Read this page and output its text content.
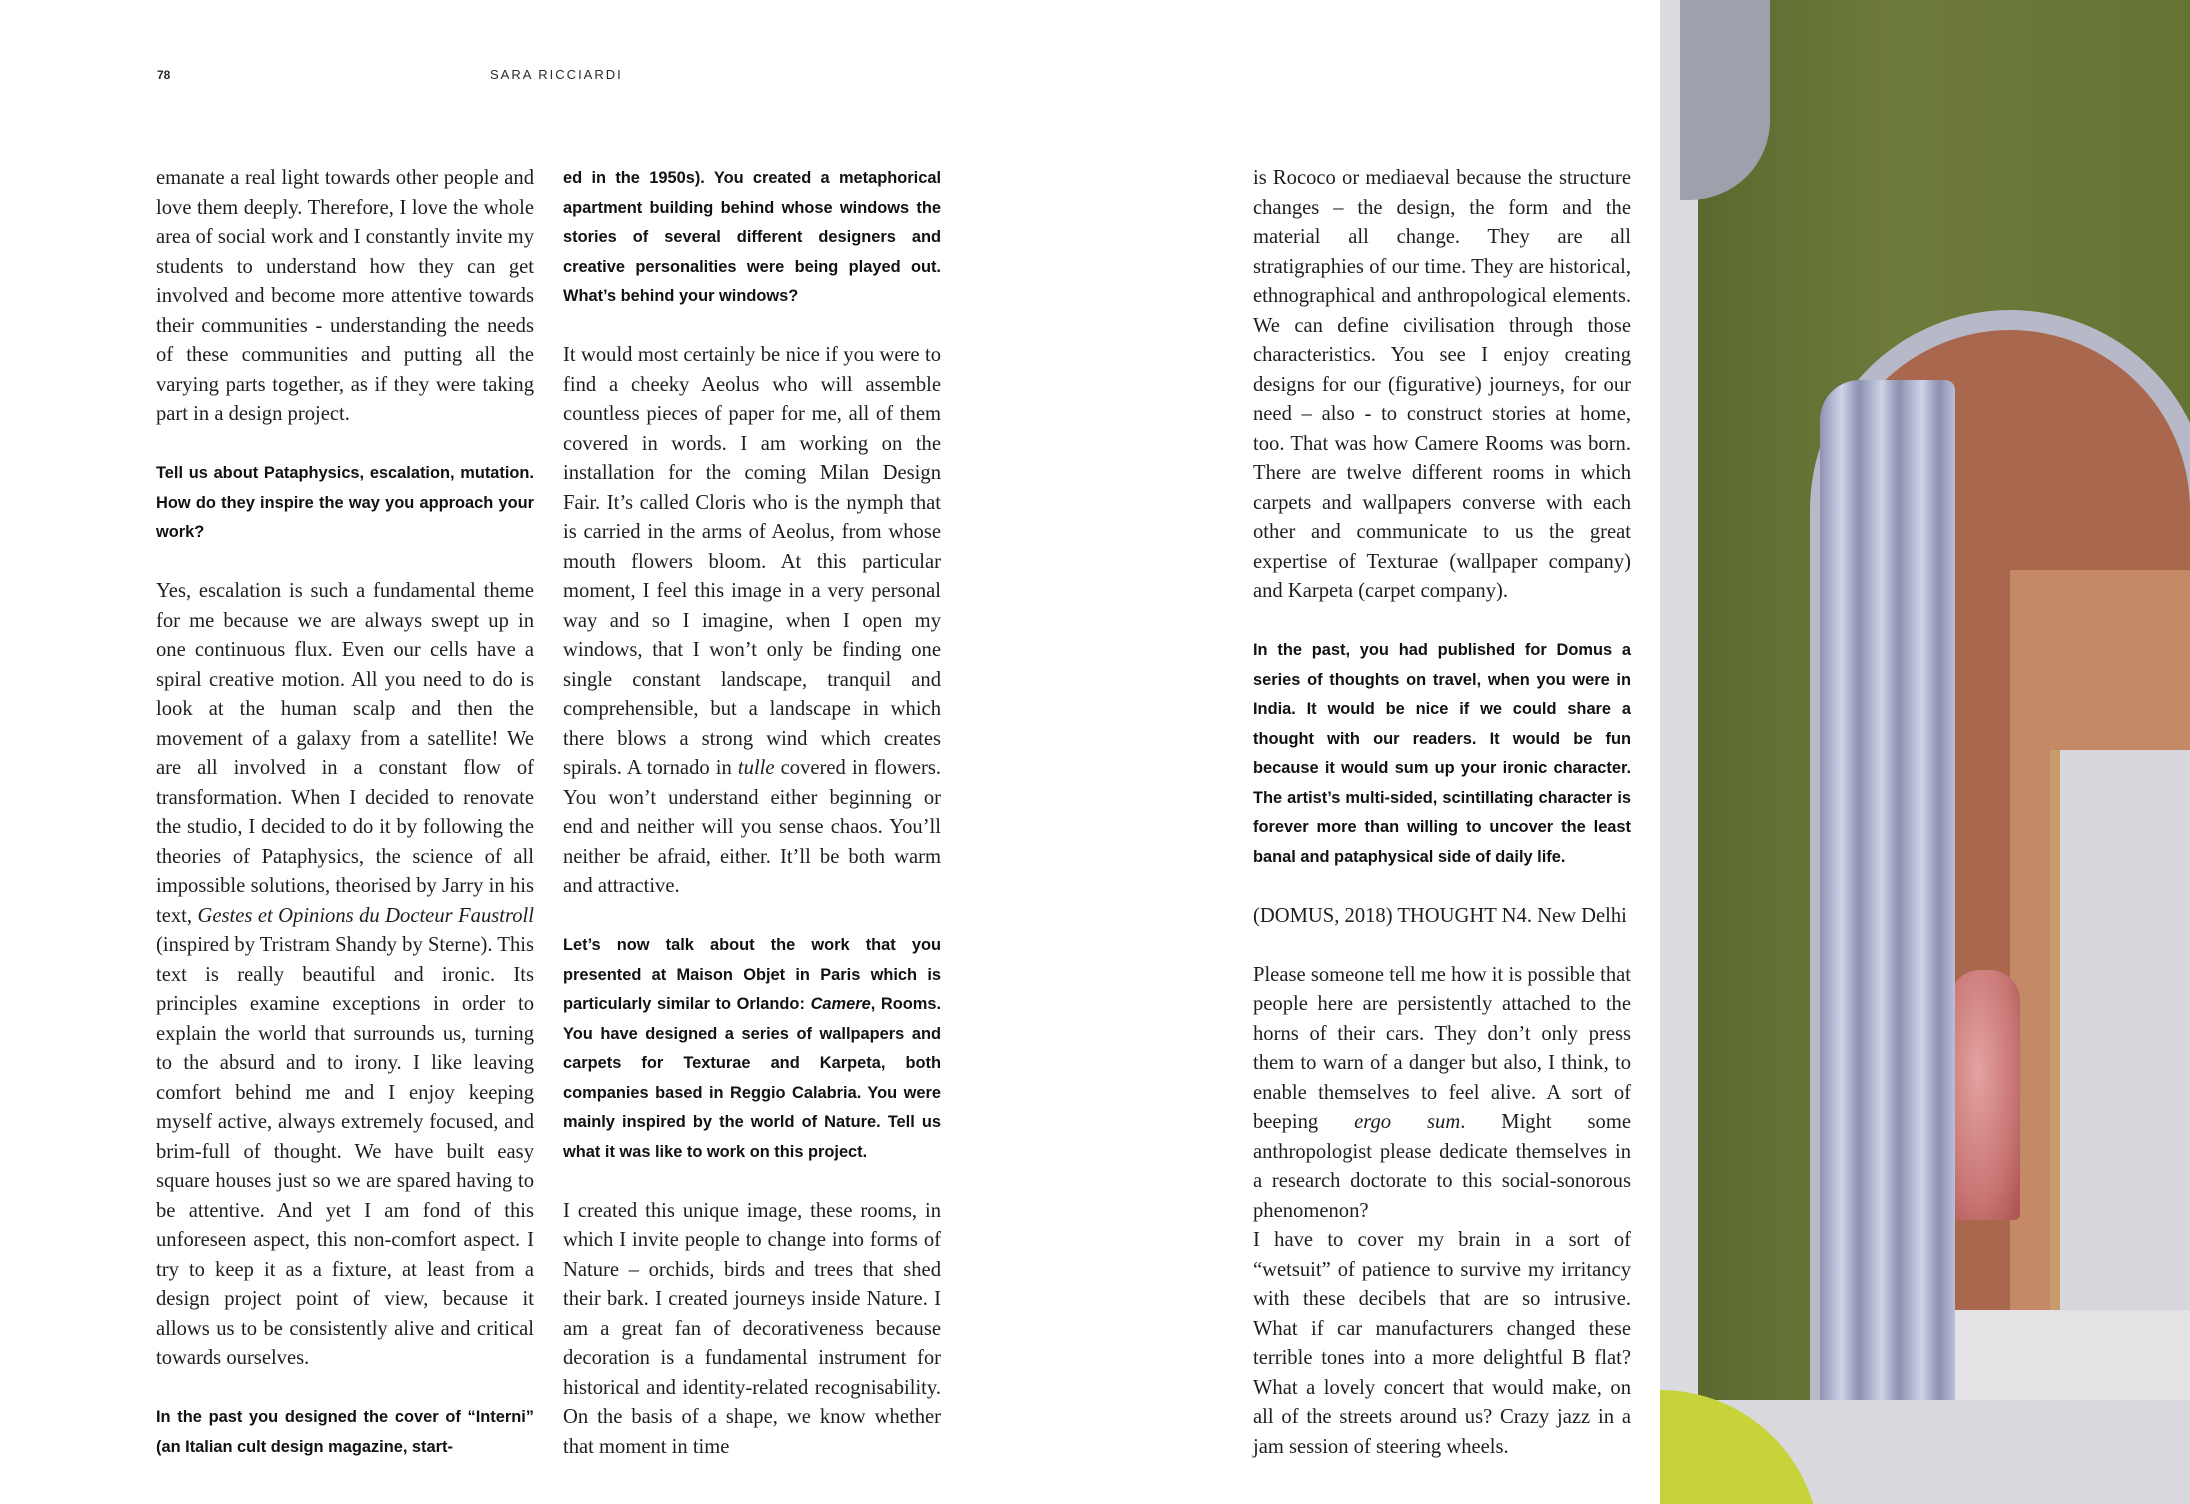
78	SARA RICCIARDI

emanate a real light towards other people and love them deeply. Therefore, I love the whole area of social work and I constantly invite my students to understand how they can get involved and become more attentive towards their communities - understanding the needs of these communities and putting all the varying parts together, as if they were taking part in a design project.

Tell us about Pataphysics, escalation, mutation. How do they inspire the way you approach your work?

Yes, escalation is such a fundamental theme for me because we are always swept up in one continuous flux. Even our cells have a spiral creative motion. All you need to do is look at the human scalp and then the movement of a galaxy from a satellite! We are all involved in a constant flow of transformation. When I decided to renovate the studio, I decided to do it by following the theories of Pataphysics, the science of all impossible solutions, theorised by Jarry in his text, Gestes et Opinions du Docteur Faustroll (inspired by Tristram Shandy by Sterne). This text is really beautiful and ironic. Its principles examine exceptions in order to explain the world that surrounds us, turning to the absurd and to irony. I like leaving comfort behind me and I enjoy keeping myself active, always extremely focused, and brim-full of thought. We have built easy square houses just so we are spared having to be attentive. And yet I am fond of this unforeseen aspect, this non-comfort aspect. I try to keep it as a fixture, at least from a design project point of view, because it allows us to be consistently alive and critical towards ourselves.

In the past you designed the cover of “Interni” (an Italian cult design magazine, start-

ed in the 1950s). You created a metaphorical apartment building behind whose windows the stories of several different designers and creative personalities were being played out. What’s behind your windows?

It would most certainly be nice if you were to find a cheeky Aeolus who will assemble countless pieces of paper for me, all of them covered in words. I am working on the installation for the coming Milan Design Fair. It’s called Cloris who is the nymph that is carried in the arms of Aeolus, from whose mouth flowers bloom. At this particular moment, I feel this image in a very personal way and so I imagine, when I open my windows, that I won’t only be finding one single constant landscape, tranquil and comprehensible, but a landscape in which there blows a strong wind which creates spirals. A tornado in tulle covered in flowers. You won’t understand either beginning or end and neither will you sense chaos. You’ll neither be afraid, either. It’ll be both warm and attractive.

Let’s now talk about the work that you presented at Maison Objet in Paris which is particularly similar to Orlando: Camere, Rooms. You have designed a series of wallpapers and carpets for Texturae and Karpeta, both companies based in Reggio Calabria. You were mainly inspired by the world of Nature. Tell us what it was like to work on this project.

I created this unique image, these rooms, in which I invite people to change into forms of Nature – orchids, birds and trees that shed their bark. I created journeys inside Nature. I am a great fan of decorativeness because decoration is a fundamental instrument for historical and identity-related recognisability. On the basis of a shape, we know whether that moment in time

is Rococo or mediaeval because the structure changes – the design, the form and the material all change. They are all stratigraphies of our time. They are historical, ethnographical and anthropological elements. We can define civilisation through those characteristics. You see I enjoy creating designs for our (figurative) journeys, for our need – also - to construct stories at home, too. That was how Camere Rooms was born. There are twelve different rooms in which carpets and wallpapers converse with each other and communicate to us the great expertise of Texturae (wallpaper company) and Karpeta (carpet company).

In the past, you had published for Domus a series of thoughts on travel, when you were in India. It would be nice if we could share a thought with our readers. It would be fun because it would sum up your ironic character. The artist’s multi-sided, scintillating character is forever more than willing to uncover the least banal and pataphysical side of daily life.

(DOMUS, 2018) THOUGHT N4. New Delhi

Please someone tell me how it is possible that people here are persistently attached to the horns of their cars. They don’t only press them to warn of a danger but also, I think, to enable themselves to feel alive. A sort of beeping ergo sum. Might some anthropologist please dedicate themselves in a research doctorate to this social-sonorous phenomenon?

I have to cover my brain in a sort of “wetsuit” of patience to survive my irritancy with these decibels that are so intrusive. What if car manufacturers changed these terrible tones into a more delightful B flat? What a lovely concert that would make, on all of the streets around us? Crazy jazz in a jam session of steering wheels.
